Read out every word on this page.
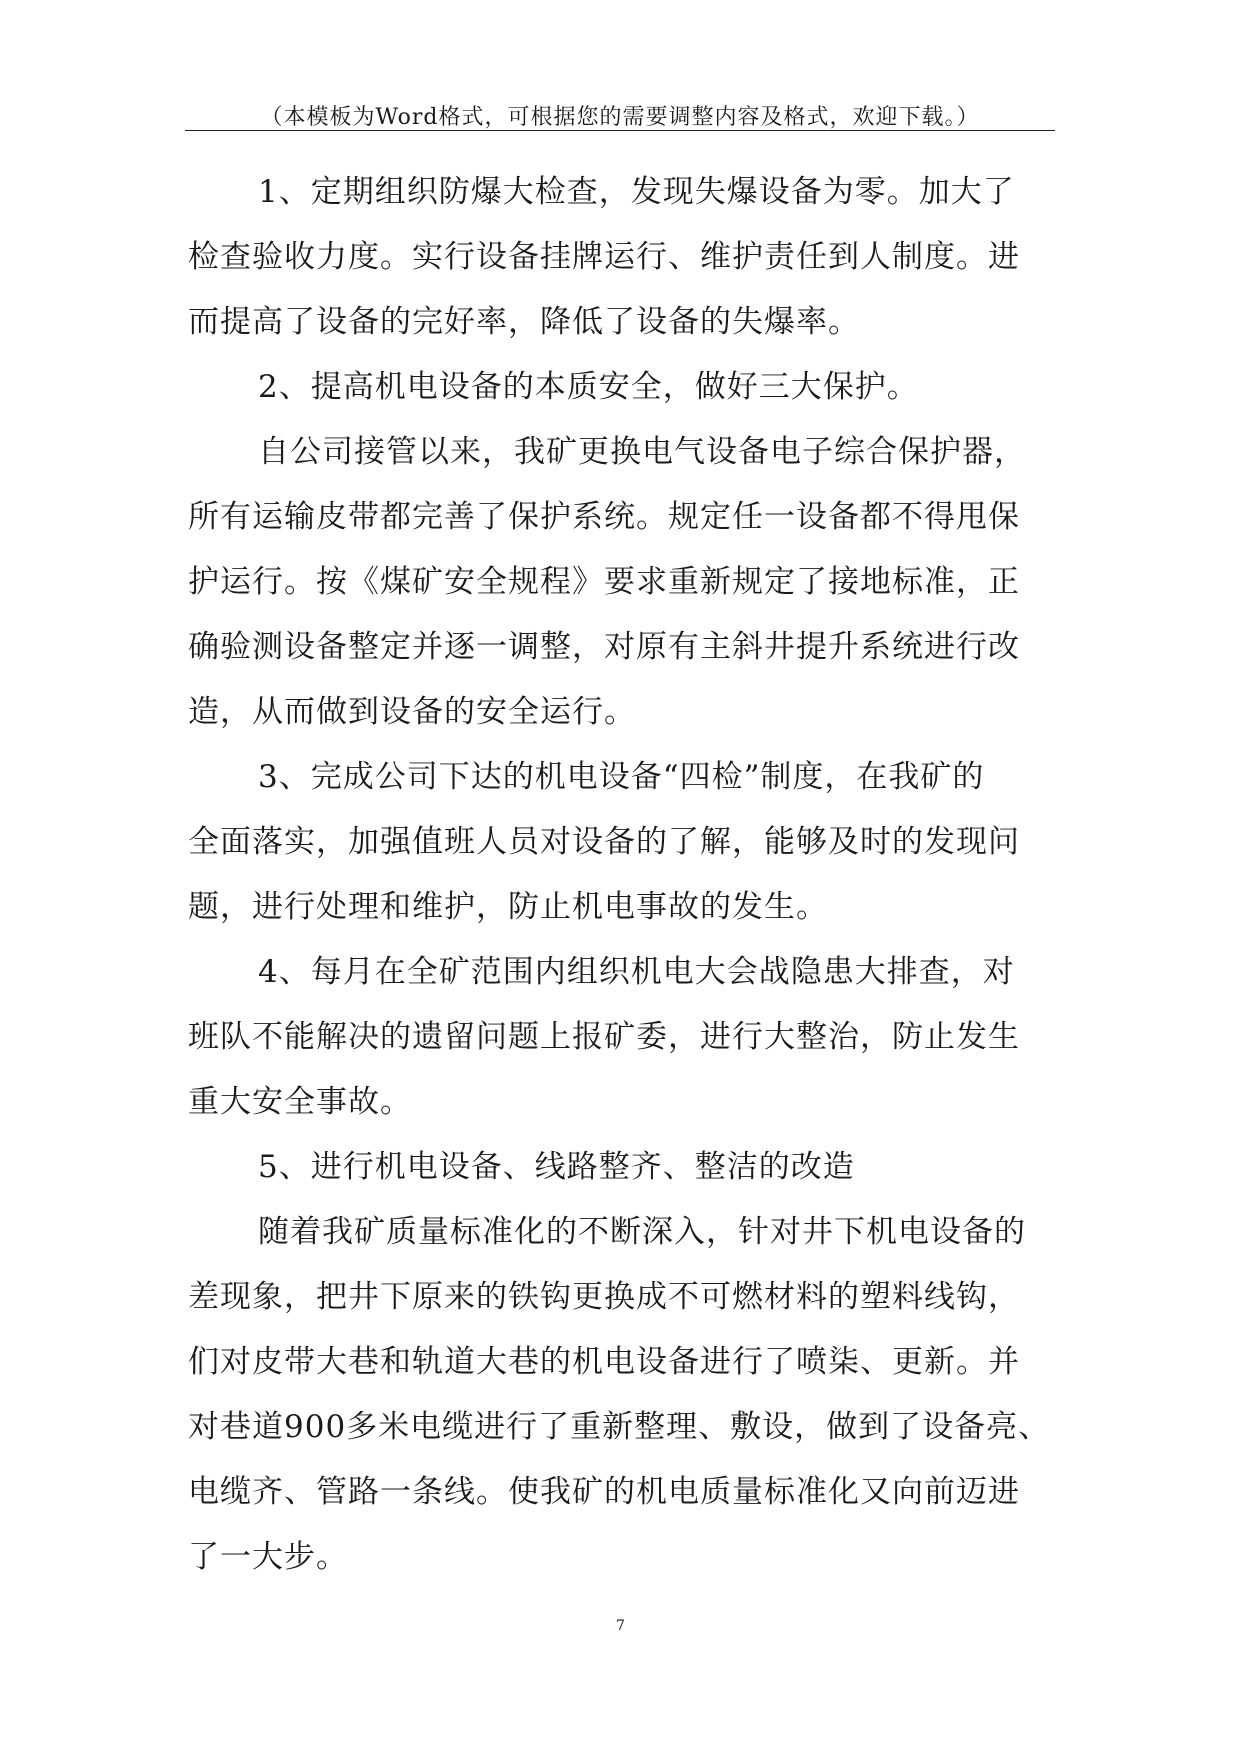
（本模板为Word格式，可根据您的需要调整内容及格式，欢迎下载。）
1、定期组织防爆大检查，发现失爆设备为零。加大了
检查验收力度。实行设备挂牌运行、维护责任到人制度。进
而提高了设备的完好率，降低了设备的失爆率。
2、提高机电设备的本质安全，做好三大保护。
自公司接管以来，我矿更换电气设备电子综合保护器，
所有运输皮带都完善了保护系统。规定任一设备都不得甩保
护运行。按《煤矿安全规程》要求重新规定了接地标准，正
确验测设备整定并逐一调整，对原有主斜井提升系统进行改
造，从而做到设备的安全运行。
3、完成公司下达的机电设备“四检”制度，在我矿的
全面落实，加强值班人员对设备的了解，能够及时的发现问
题，进行处理和维护，防止机电事故的发生。
4、每月在全矿范围内组织机电大会战隐患大排查，对
班队不能解决的遗留问题上报矿委，进行大整治，防止发生
重大安全事故。
5、进行机电设备、线路整齐、整洁的改造
随着我矿质量标准化的不断深入，针对井下机电设备的
差现象，把井下原来的铁钩更换成不可燃材料的塑料线钩，
们对皮带大巷和轨道大巷的机电设备进行了喷柒、更新。并
对巷道900多米电缆进行了重新整理、敷设，做到了设备亮、
电缆齐、管路一条线。使我矿的机电质量标准化又向前迈进
了一大步。
7
